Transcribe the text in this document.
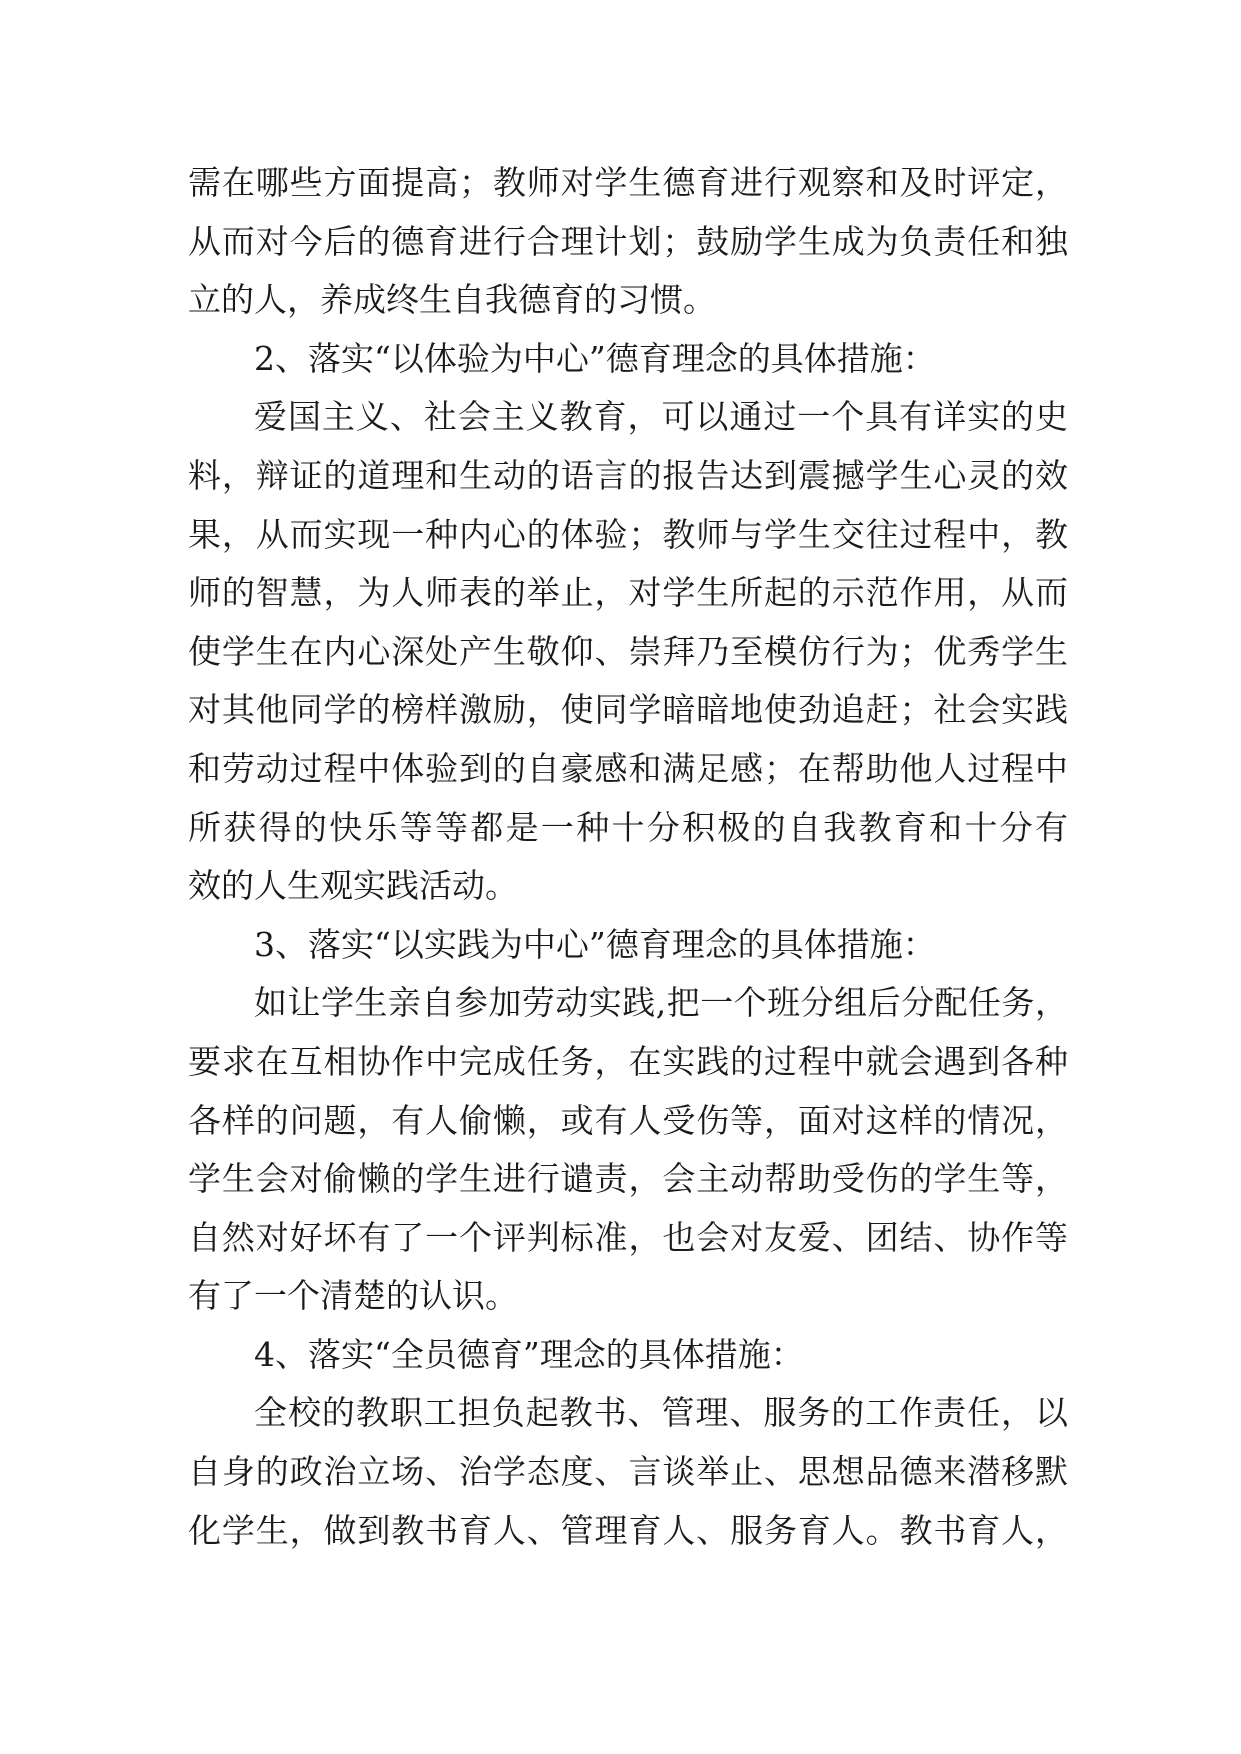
需在哪些方面提高；教师对学生德育进行观察和及时评定，
从而对今后的德育进行合理计划；鼓励学生成为负责任和独
立的人，养成终生自我德育的习惯。
2、落实“以体验为中心”德育理念的具体措施：
爱国主义、社会主义教育，可以通过一个具有详实的史
料，辩证的道理和生动的语言的报告达到震撼学生心灵的效
果，从而实现一种内心的体验；教师与学生交往过程中，教
师的智慧，为人师表的举止，对学生所起的示范作用，从而
使学生在内心深处产生敬仰、崇拜乃至模仿行为；优秀学生
对其他同学的榜样激励，使同学暗暗地使劲追赶；社会实践
和劳动过程中体验到的自豪感和满足感；在帮助他人过程中
所获得的快乐等等都是一种十分积极的自我教育和十分有
效的人生观实践活动。
3、落实“以实践为中心”德育理念的具体措施：
如让学生亲自参加劳动实践,把一个班分组后分配任务，
要求在互相协作中完成任务，在实践的过程中就会遇到各种
各样的问题，有人偷懒，或有人受伤等，面对这样的情况，
学生会对偷懒的学生进行谴责，会主动帮助受伤的学生等，
自然对好坏有了一个评判标准，也会对友爱、团结、协作等
有了一个清楚的认识。
4、落实“全员德育”理念的具体措施：
全校的教职工担负起教书、管理、服务的工作责任，以
自身的政治立场、治学态度、言谈举止、思想品德来潜移默
化学生，做到教书育人、管理育人、服务育人。教书育人，
